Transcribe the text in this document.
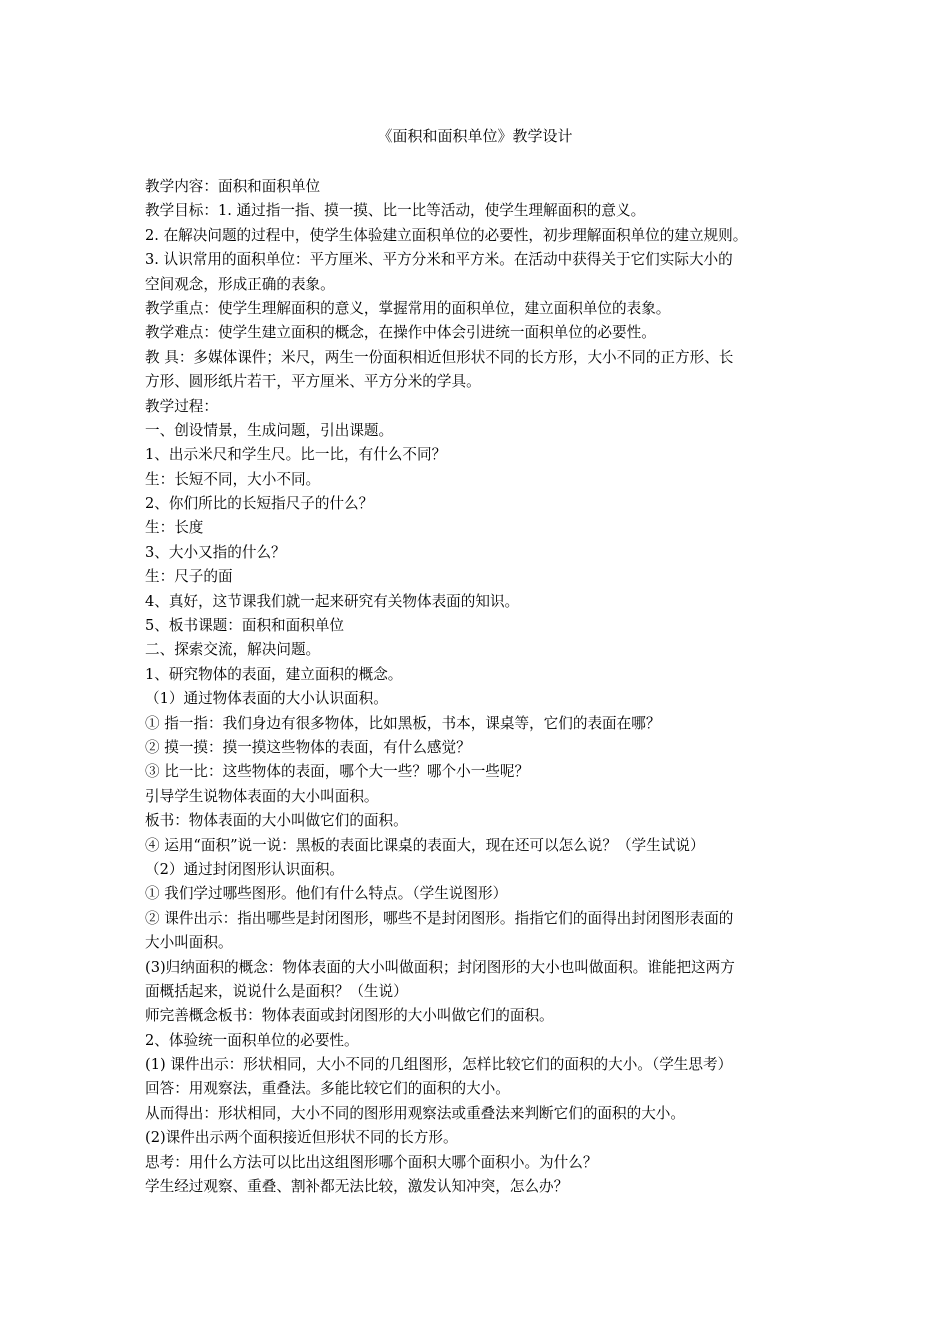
《面积和面积单位》教学设计
教学内容：面积和面积单位
教学目标：1. 通过指一指、摸一摸、比一比等活动，使学生理解面积的意义。
2. 在解决问题的过程中，使学生体验建立面积单位的必要性，初步理解面积单位的建立规则。
3. 认识常用的面积单位：平方厘米、平方分米和平方米。在活动中获得关于它们实际大小的
空间观念，形成正确的表象。
教学重点：使学生理解面积的意义，掌握常用的面积单位，建立面积单位的表象。
教学难点：使学生建立面积的概念，在操作中体会引进统一面积单位的必要性。
教 具：多媒体课件；米尺，两生一份面积相近但形状不同的长方形，大小不同的正方形、长
方形、圆形纸片若干，平方厘米、平方分米的学具。
教学过程：
一、创设情景，生成问题，引出课题。
1、出示米尺和学生尺。比一比，有什么不同？
生：长短不同，大小不同。
2、你们所比的长短指尺子的什么？
生：长度
3、大小又指的什么？
生：尺子的面
4、真好，这节课我们就一起来研究有关物体表面的知识。
5、板书课题：面积和面积单位
二、探索交流，解决问题。
1、研究物体的表面，建立面积的概念。
（1）通过物体表面的大小认识面积。
① 指一指：我们身边有很多物体，比如黑板，书本，课桌等，它们的表面在哪？
② 摸一摸：摸一摸这些物体的表面，有什么感觉？
③ 比一比：这些物体的表面，哪个大一些？哪个小一些呢？
引导学生说物体表面的大小叫面积。
板书：物体表面的大小叫做它们的面积。
④ 运用“面积”说一说：黑板的表面比课桌的表面大，现在还可以怎么说？（学生试说）
（2）通过封闭图形认识面积。
① 我们学过哪些图形。他们有什么特点。（学生说图形）
② 课件出示：指出哪些是封闭图形，哪些不是封闭图形。指指它们的面得出封闭图形表面的
大小叫面积。
(3)归纳面积的概念：物体表面的大小叫做面积；封闭图形的大小也叫做面积。谁能把这两方
面概括起来，说说什么是面积？（生说）
师完善概念板书：物体表面或封闭图形的大小叫做它们的面积。
2、体验统一面积单位的必要性。
(1) 课件出示：形状相同，大小不同的几组图形，怎样比较它们的面积的大小。（学生思考）
回答：用观察法，重叠法。多能比较它们的面积的大小。
从而得出：形状相同，大小不同的图形用观察法或重叠法来判断它们的面积的大小。
(2)课件出示两个面积接近但形状不同的长方形。
思考：用什么方法可以比出这组图形哪个面积大哪个面积小。为什么？
学生经过观察、重叠、割补都无法比较，激发认知冲突，怎么办？
